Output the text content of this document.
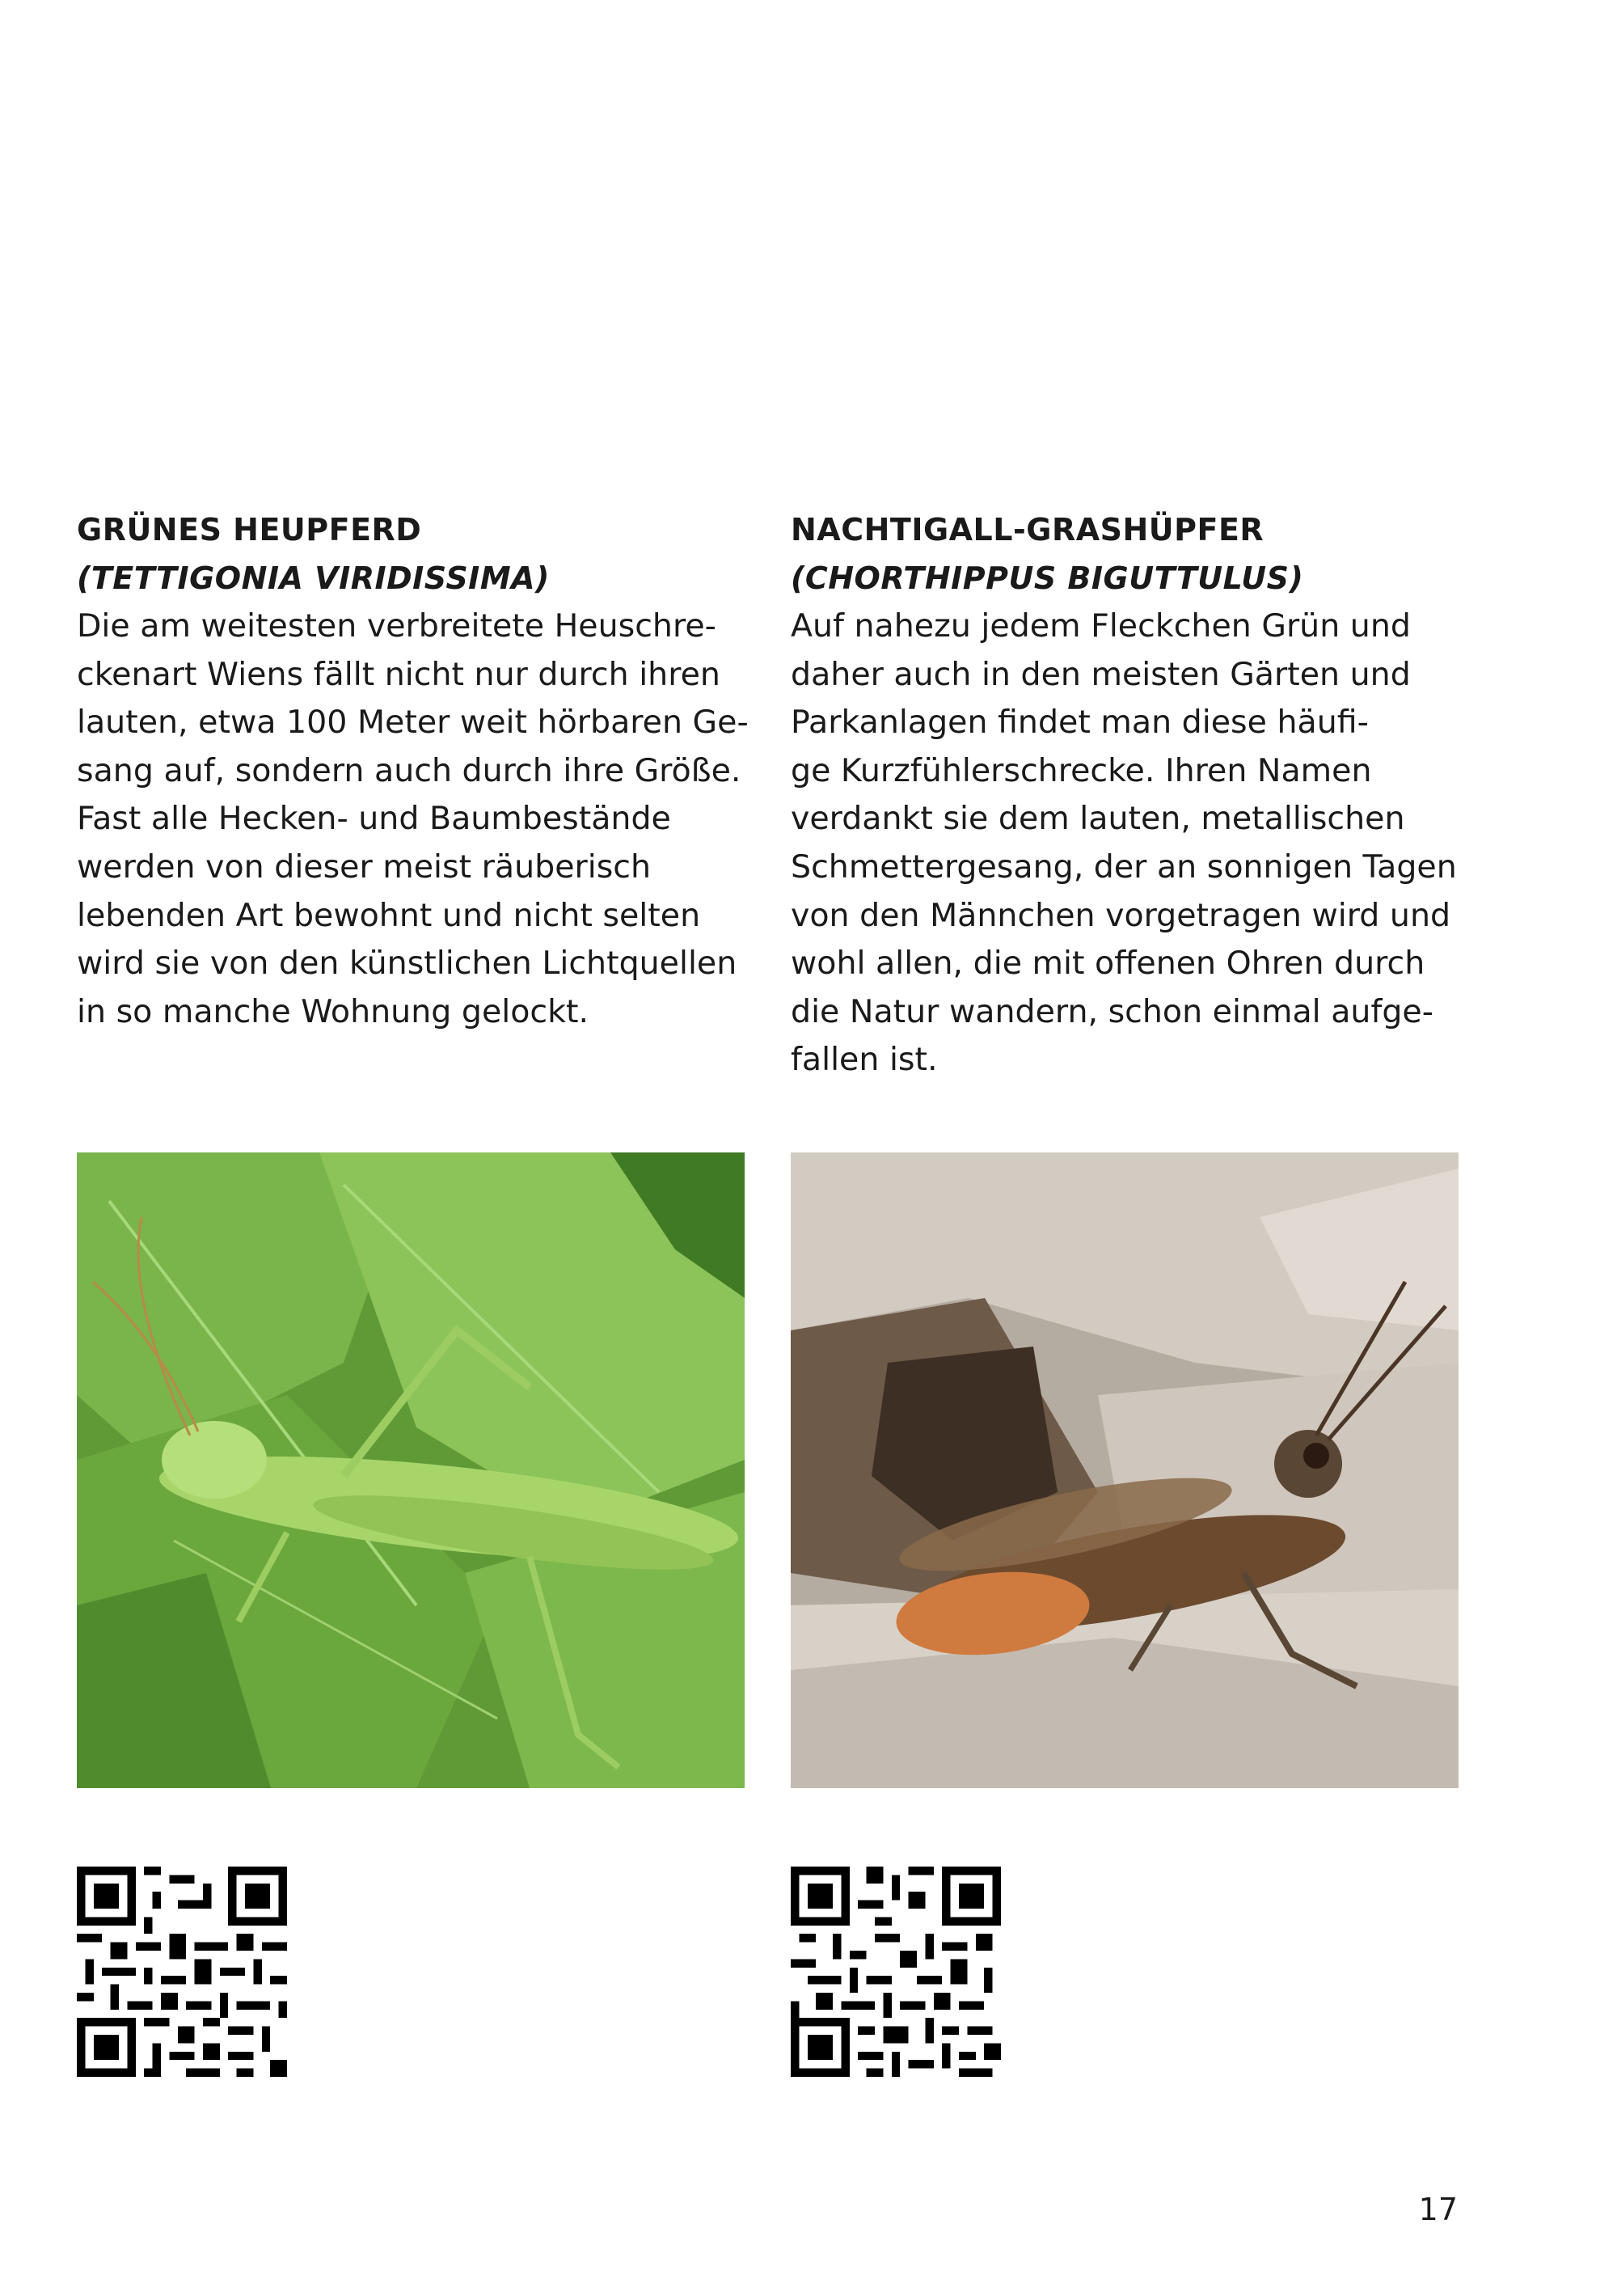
GRÜNES HEUPFERD
(TETTIGONIA VIRIDISSIMA)
Die am weitesten verbreitete Heuschre-
ckenart Wiens fällt nicht nur durch ihren
lauten, etwa 100 Meter weit hörbaren Ge-
sang auf, sondern auch durch ihre Größe.
Fast alle Hecken- und Baumbestände
werden von dieser meist räuberisch
lebenden Art bewohnt und nicht selten
wird sie von den künstlichen Lichtquellen
in so manche Wohnung gelockt.
NACHTIGALL-GRASHÜPFER
(CHORTHIPPUS BIGUTTULUS)
Auf nahezu jedem Fleckchen Grün und
daher auch in den meisten Gärten und
Parkanlagen findet man diese häufi-
ge Kurzfühlerschrecke. Ihren Namen
verdankt sie dem lauten, metallischen
Schmettergesang, der an sonnigen Tagen
von den Männchen vorgetragen wird und
wohl allen, die mit offenen Ohren durch
die Natur wandern, schon einmal aufge-
fallen ist.
17
